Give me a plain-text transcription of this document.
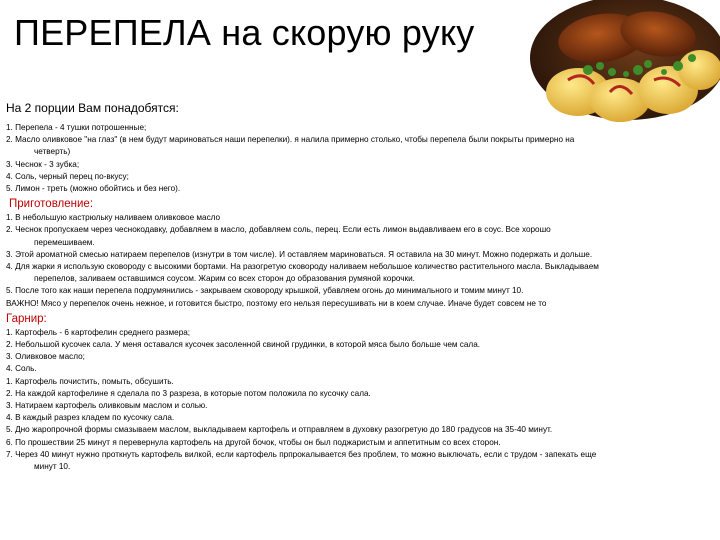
ПЕРЕПЕЛА на скорую руку
На 2 порции Вам понадобятся:
1. Перепела - 4 тушки потрошенные;
2. Масло оливковое "на глаз" (в нем будут мариноваться наши перепелки). я налила примерно столько, чтобы перепела были покрыты примерно на четверть)
3. Чеснок - 3 зубка;
4. Соль, черный перец по-вкусу;
5. Лимон - треть (можно обойтись и без него).
Приготовление:
1. В небольшую кастрюльку наливаем оливковое масло
2. Чеснок пропускаем через чеснокодавку, добавляем в масло, добавляем соль, перец. Если есть лимон выдавливаем его в соус. Все хорошо перемешиваем.
3. Этой ароматной смесью натираем перепелов (изнутри в том числе). И оставляем мариноваться. Я оставила на 30 минут. Можно подержать и дольше.
4. Для жарки я использую сковороду с высокими бортами. На разогретую сковороду наливаем небольшое количество растительного масла. Выкладываем перепелов, заливаем оставшимся соусом. Жарим со всех сторон до образования румяной корочки.
5. После того как наши перепела подрумянились - закрываем сковороду крышкой, убавляем огонь до минимального и томим минут 10.
ВАЖНО! Мясо у перепелок очень нежное, и готовится быстро, поэтому его нельзя пересушивать ни в коем случае. Иначе будет совсем не то
Гарнир:
1. Картофель - 6 картофелин среднего размера;
2. Небольшой кусочек сала. У меня оставался кусочек засоленной свиной грудинки, в которой мяса было больше чем сала.
3. Оливковое масло;
4. Соль.
1. Картофель почистить, помыть, обсушить.
2. На каждой картофелине я сделала по 3 разреза, в которые потом положила по кусочку сала.
3. Натираем картофель оливковым маслом и солью.
4. В каждый разрез кладем по кусочку сала.
5. Дно жаропрочной формы смазываем маслом, выкладываем картофель и отправляем в духовку разогретую до 180 градусов на 35-40 минут.
6. По прошествии 25 минут я перевернула картофель на другой бочок, чтобы он был поджаристым и аппетитным со всех сторон.
7. Через 40 минут нужно проткнуть картофель вилкой, если картофель прпрокалывается без проблем, то можно выключать, если с трудом - запекать еще минут 10.
